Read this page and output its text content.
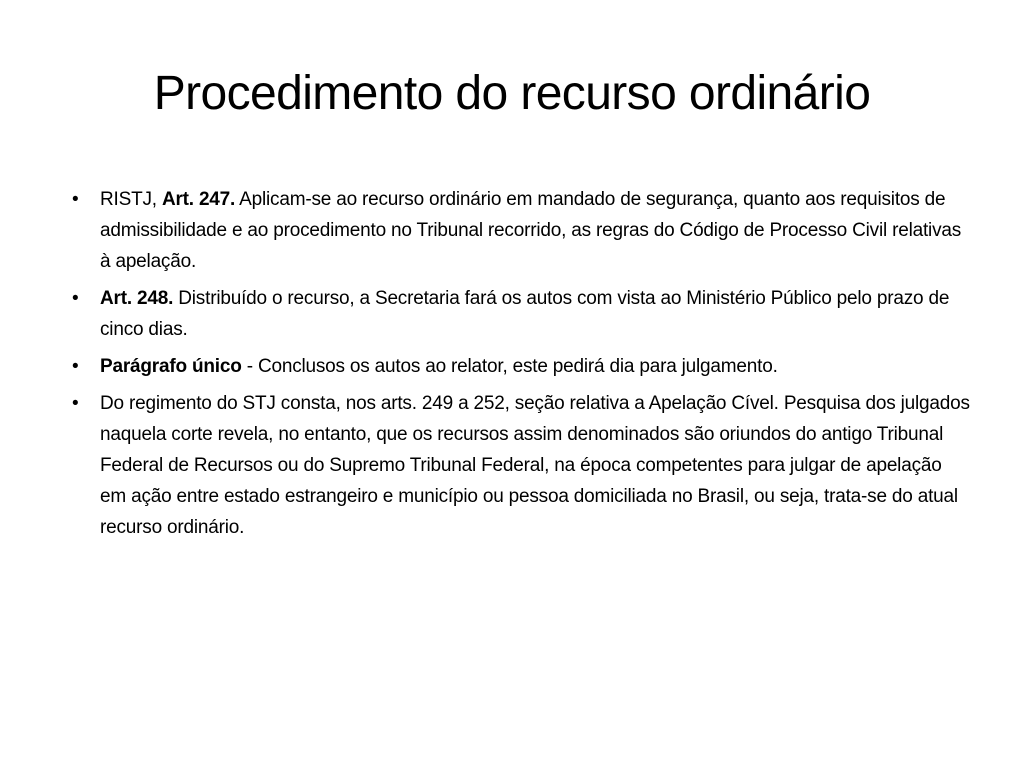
Procedimento do recurso ordinário
•	RISTJ, Art. 247. Aplicam-se ao recurso ordinário em mandado de segurança, quanto aos requisitos de admissibilidade e ao procedimento no Tribunal recorrido, as regras do Código de Processo Civil relativas à apelação.
•	Art. 248. Distribuído o recurso, a Secretaria fará os autos com vista ao Ministério Público pelo prazo de cinco dias.
•	Parágrafo único - Conclusos os autos ao relator, este pedirá dia para julgamento.
•	Do regimento do STJ consta, nos arts. 249 a 252, seção relativa a Apelação Cível. Pesquisa dos julgados naquela corte revela, no entanto, que os recursos assim denominados são oriundos do antigo Tribunal Federal de Recursos ou do Supremo Tribunal Federal, na época competentes para julgar de apelação em ação entre estado estrangeiro e município ou pessoa domiciliada no Brasil, ou seja, trata-se do atual recurso ordinário.
